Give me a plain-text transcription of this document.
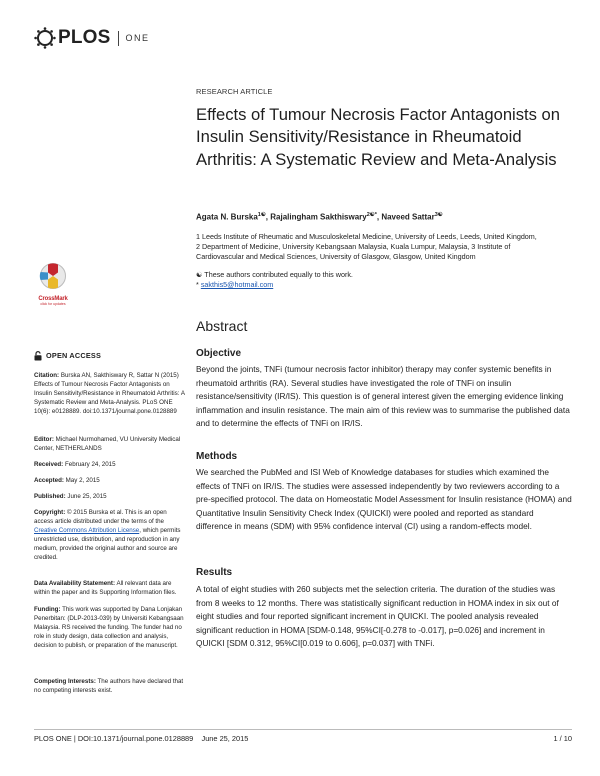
PLOS ONE
RESEARCH ARTICLE
Effects of Tumour Necrosis Factor Antagonists on Insulin Sensitivity/Resistance in Rheumatoid Arthritis: A Systematic Review and Meta-Analysis
Agata N. Burska$^{1☯}$, Rajalingham Sakthiswary$^{2☯*}$, Naveed Sattar$^{3☯}$
1 Leeds Institute of Rheumatic and Musculoskeletal Medicine, University of Leeds, Leeds, United Kingdom,
2 Department of Medicine, University Kebangsaan Malaysia, Kuala Lumpur, Malaysia, 3 Institute of
Cardiovascular and Medical Sciences, University of Glasgow, Glasgow, United Kingdom
☯ These authors contributed equally to this work.
* sakthis5@hotmail.com
CrossMark
click for updates
Abstract
Objective
Beyond the joints, TNFi (tumour necrosis factor inhibitor) therapy may confer systemic benefits in rheumatoid arthritis (RA). Several studies have investigated the role of TNFi on insulin resistance/sensitivity (IR/IS). This question is of general interest given the emerging evidence linking inflammation and insulin resistance. The main aim of this review was to summarise the published data and to determine the effects of TNFi on IR/IS.
Methods
We searched the PubMed and ISI Web of Knowledge databases for studies which examined the effects of TNFi on IR/IS. The studies were assessed independently by two reviewers according to a pre-specified protocol. The data on Homeostatic Model Assessment for Insulin resistance (HOMA) and Quantitative Insulin Sensitivity Check Index (QUICKI) were pooled and reported as standard difference in means (SDM) with 95% confidence interval (CI) using a random-effects model.
Results
A total of eight studies with 260 subjects met the selection criteria. The duration of the studies was from 8 weeks to 12 months. There was statistically significant reduction in HOMA index in six out of eight studies and four reported significant increment in QUICKI. The pooled analysis revealed significant reduction in HOMA [SDM-0.148, 95%CI[-0.278 to -0.017], p=0.026] and increment in QUICKI [SDM 0.312, 95%CI[0.019 to 0.606], p=0.037] with TNFi.
OPEN ACCESS
Citation: Burska AN, Sakthiswary R, Sattar N (2015) Effects of Tumour Necrosis Factor Antagonists on Insulin Sensitivity/Resistance in Rheumatoid Arthritis: A Systematic Review and Meta-Analysis. PLoS ONE 10(6): e0128889. doi:10.1371/journal.pone.0128889
Editor: Michael Nurmohamed, VU University Medical Center, NETHERLANDS
Received: February 24, 2015
Accepted: May 2, 2015
Published: June 25, 2015
Copyright: © 2015 Burska et al. This is an open access article distributed under the terms of the Creative Commons Attribution License, which permits unrestricted use, distribution, and reproduction in any medium, provided the original author and source are credited.
Data Availability Statement: All relevant data are within the paper and its Supporting Information files.
Funding: This work was supported by Dana Lonjakan Penerbitan: (DLP-2013-039) by Universiti Kebangsaan Malaysia. RS received the funding. The funder had no role in study design, data collection and analysis, decision to publish, or preparation of the manuscript.
Competing Interests: The authors have declared that no competing interests exist.
PLOS ONE | DOI:10.1371/journal.pone.0128889    June 25, 2015	1 / 10
